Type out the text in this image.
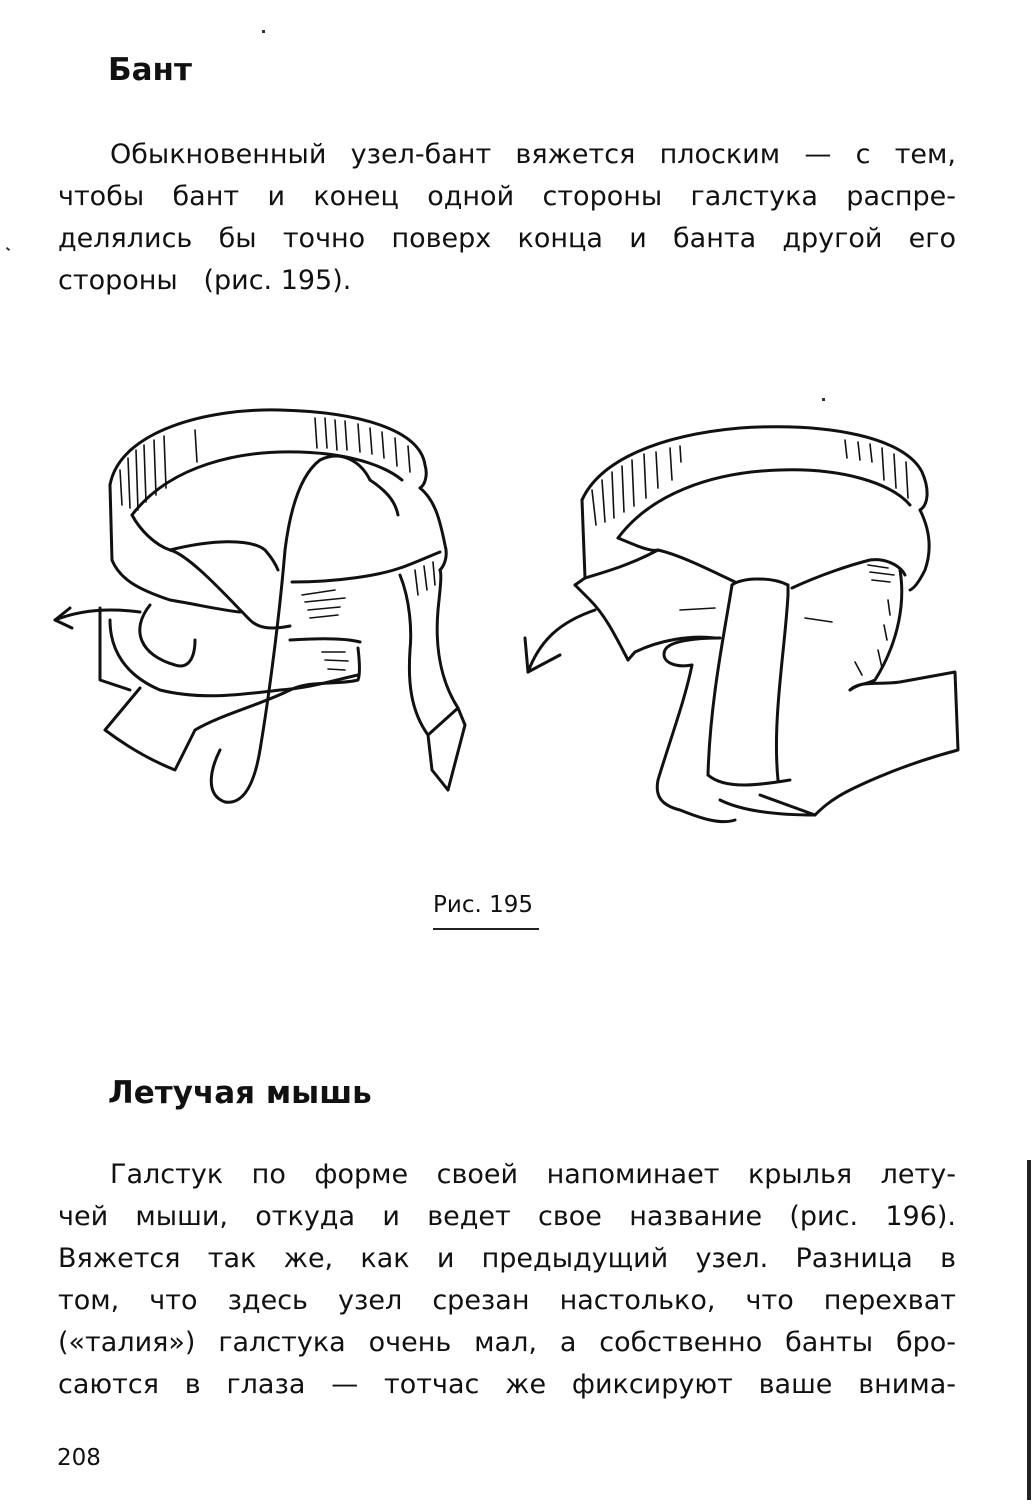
Бант
Обыкновенный узел-бант вяжется плоским — с тем,
чтобы бант и конец одной стороны галстука распре-
делялись бы точно поверх конца и банта другой его
стороны   (рис. 195).
Рис. 195
Летучая мышь
Галстук по форме своей напоминает крылья лету-
чей мыши, откуда и ведет свое название (рис. 196).
Вяжется так же, как и предыдущий узел. Разница в
том, что здесь узел срезан настолько, что перехват
(«талия») галстука очень мал, а собственно банты бро-
саются в глаза — тотчас же фиксируют ваше внима-
208
